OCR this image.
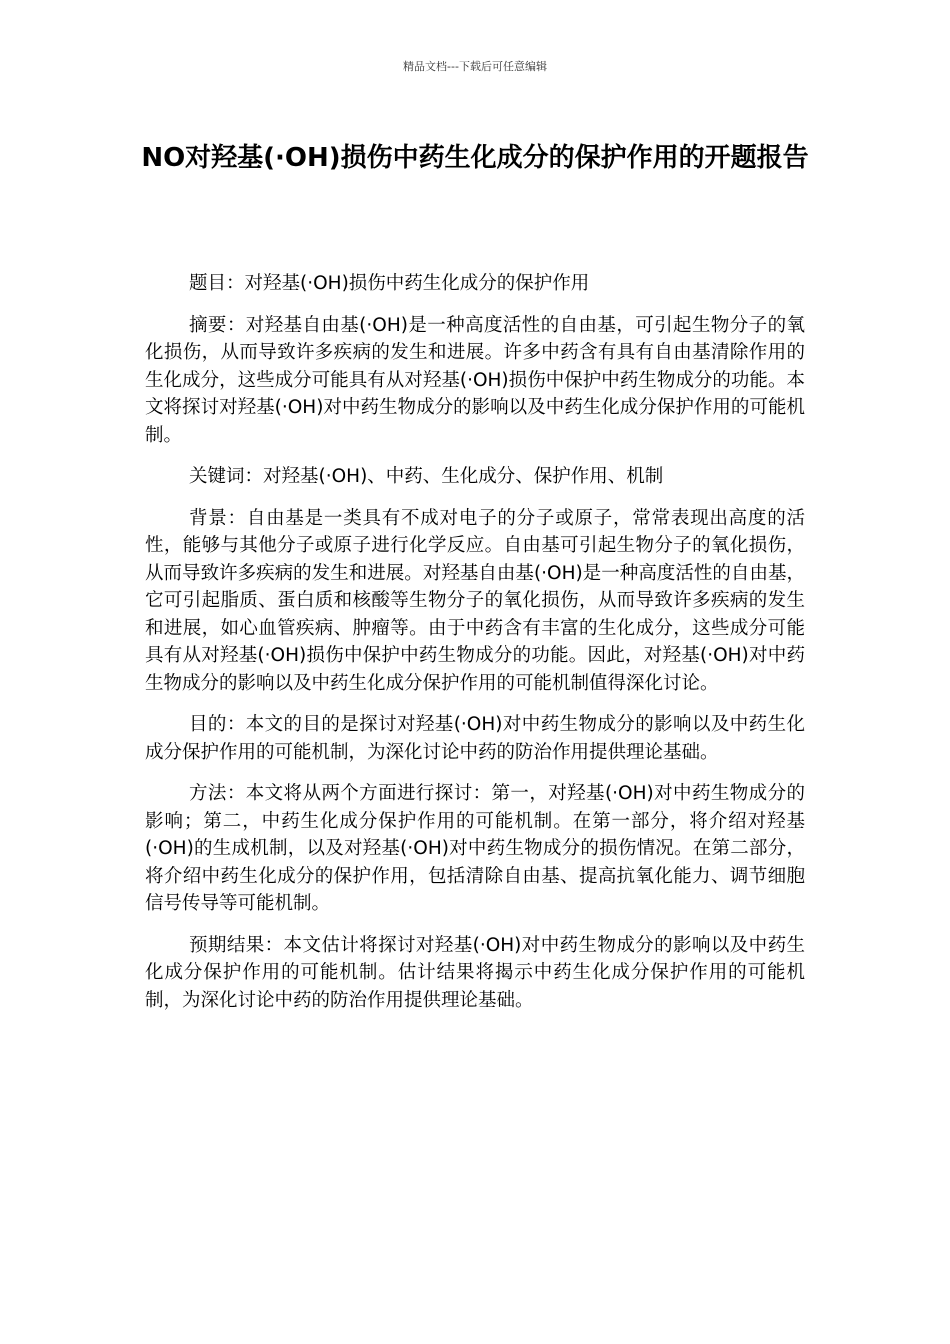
精品文档---下载后可任意编辑
NO对羟基(·OH)损伤中药生化成分的保护作用的开题报告

题目：对羟基(·OH)损伤中药生化成分的保护作用

摘要：对羟基自由基(·OH)是一种高度活性的自由基，可引起生物分子的氧化损伤，从而导致许多疾病的发生和进展。许多中药含有具有自由基清除作用的生化成分，这些成分可能具有从对羟基(·OH)损伤中保护中药生物成分的功能。本文将探讨对羟基(·OH)对中药生物成分的影响以及中药生化成分保护作用的可能机制。

关键词：对羟基(·OH)、中药、生化成分、保护作用、机制

背景：自由基是一类具有不成对电子的分子或原子，常常表现出高度的活性，能够与其他分子或原子进行化学反应。自由基可引起生物分子的氧化损伤，从而导致许多疾病的发生和进展。对羟基自由基(·OH)是一种高度活性的自由基，它可引起脂质、蛋白质和核酸等生物分子的氧化损伤，从而导致许多疾病的发生和进展，如心血管疾病、肿瘤等。由于中药含有丰富的生化成分，这些成分可能具有从对羟基(·OH)损伤中保护中药生物成分的功能。因此，对羟基(·OH)对中药生物成分的影响以及中药生化成分保护作用的可能机制值得深化讨论。

目的：本文的目的是探讨对羟基(·OH)对中药生物成分的影响以及中药生化成分保护作用的可能机制，为深化讨论中药的防治作用提供理论基础。

方法：本文将从两个方面进行探讨：第一，对羟基(·OH)对中药生物成分的影响；第二，中药生化成分保护作用的可能机制。在第一部分，将介绍对羟基(·OH)的生成机制，以及对羟基(·OH)对中药生物成分的损伤情况。在第二部分，将介绍中药生化成分的保护作用，包括清除自由基、提高抗氧化能力、调节细胞信号传导等可能机制。

预期结果：本文估计将探讨对羟基(·OH)对中药生物成分的影响以及中药生化成分保护作用的可能机制。估计结果将揭示中药生化成分保护作用的可能机制，为深化讨论中药的防治作用提供理论基础。
